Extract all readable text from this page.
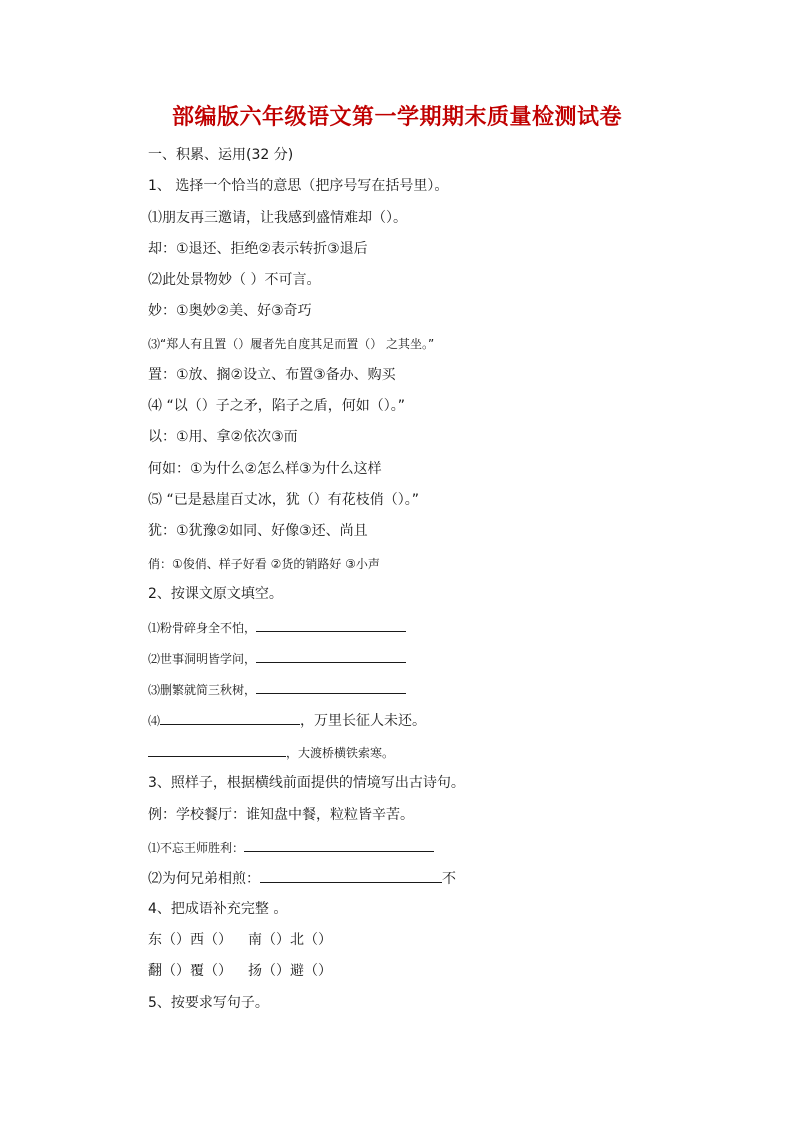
部编版六年级语文第一学期期末质量检测试卷
一、积累、运用(32 分)
1、 选择一个恰当的意思（把序号写在括号里）。
⑴朋友再三邀请，让我感到盛情难却（）。
却：①退还、拒绝②表示转折③退后
⑵此处景物妙（ ）不可言。
妙：①奥妙②美、好③奇巧
⑶“郑人有且置（）履者先自度其足而置（） 之其坐。”
置：①放、搁②设立、布置③备办、购买
⑷ “以（）子之矛，陷子之盾，何如（）。”
以：①用、拿②依次③而
何如：①为什么②怎么样③为什么这样
⑸ “已是悬崖百丈冰，犹（）有花枝俏（）。”
犹：①犹豫②如同、好像③还、尚且
俏：①俊俏、样子好看 ②货的销路好 ③小声
2、按课文原文填空。
⑴粉骨碎身全不怕，
⑵世事洞明皆学问，
⑶删繁就简三秋树，
⑷	，万里长征人未还。
，大渡桥横铁索寒。
3、照样子，根据横线前面提供的情境写出古诗句。
例：学校餐厅：谁知盘中餐，粒粒皆辛苦。
⑴不忘王师胜利：
⑵为何兄弟相煎：	不
4、把成语补充完整 。
东（）西（） 南（）北（）
翻（）覆（） 扬（）避（）
5、按要求写句子。
